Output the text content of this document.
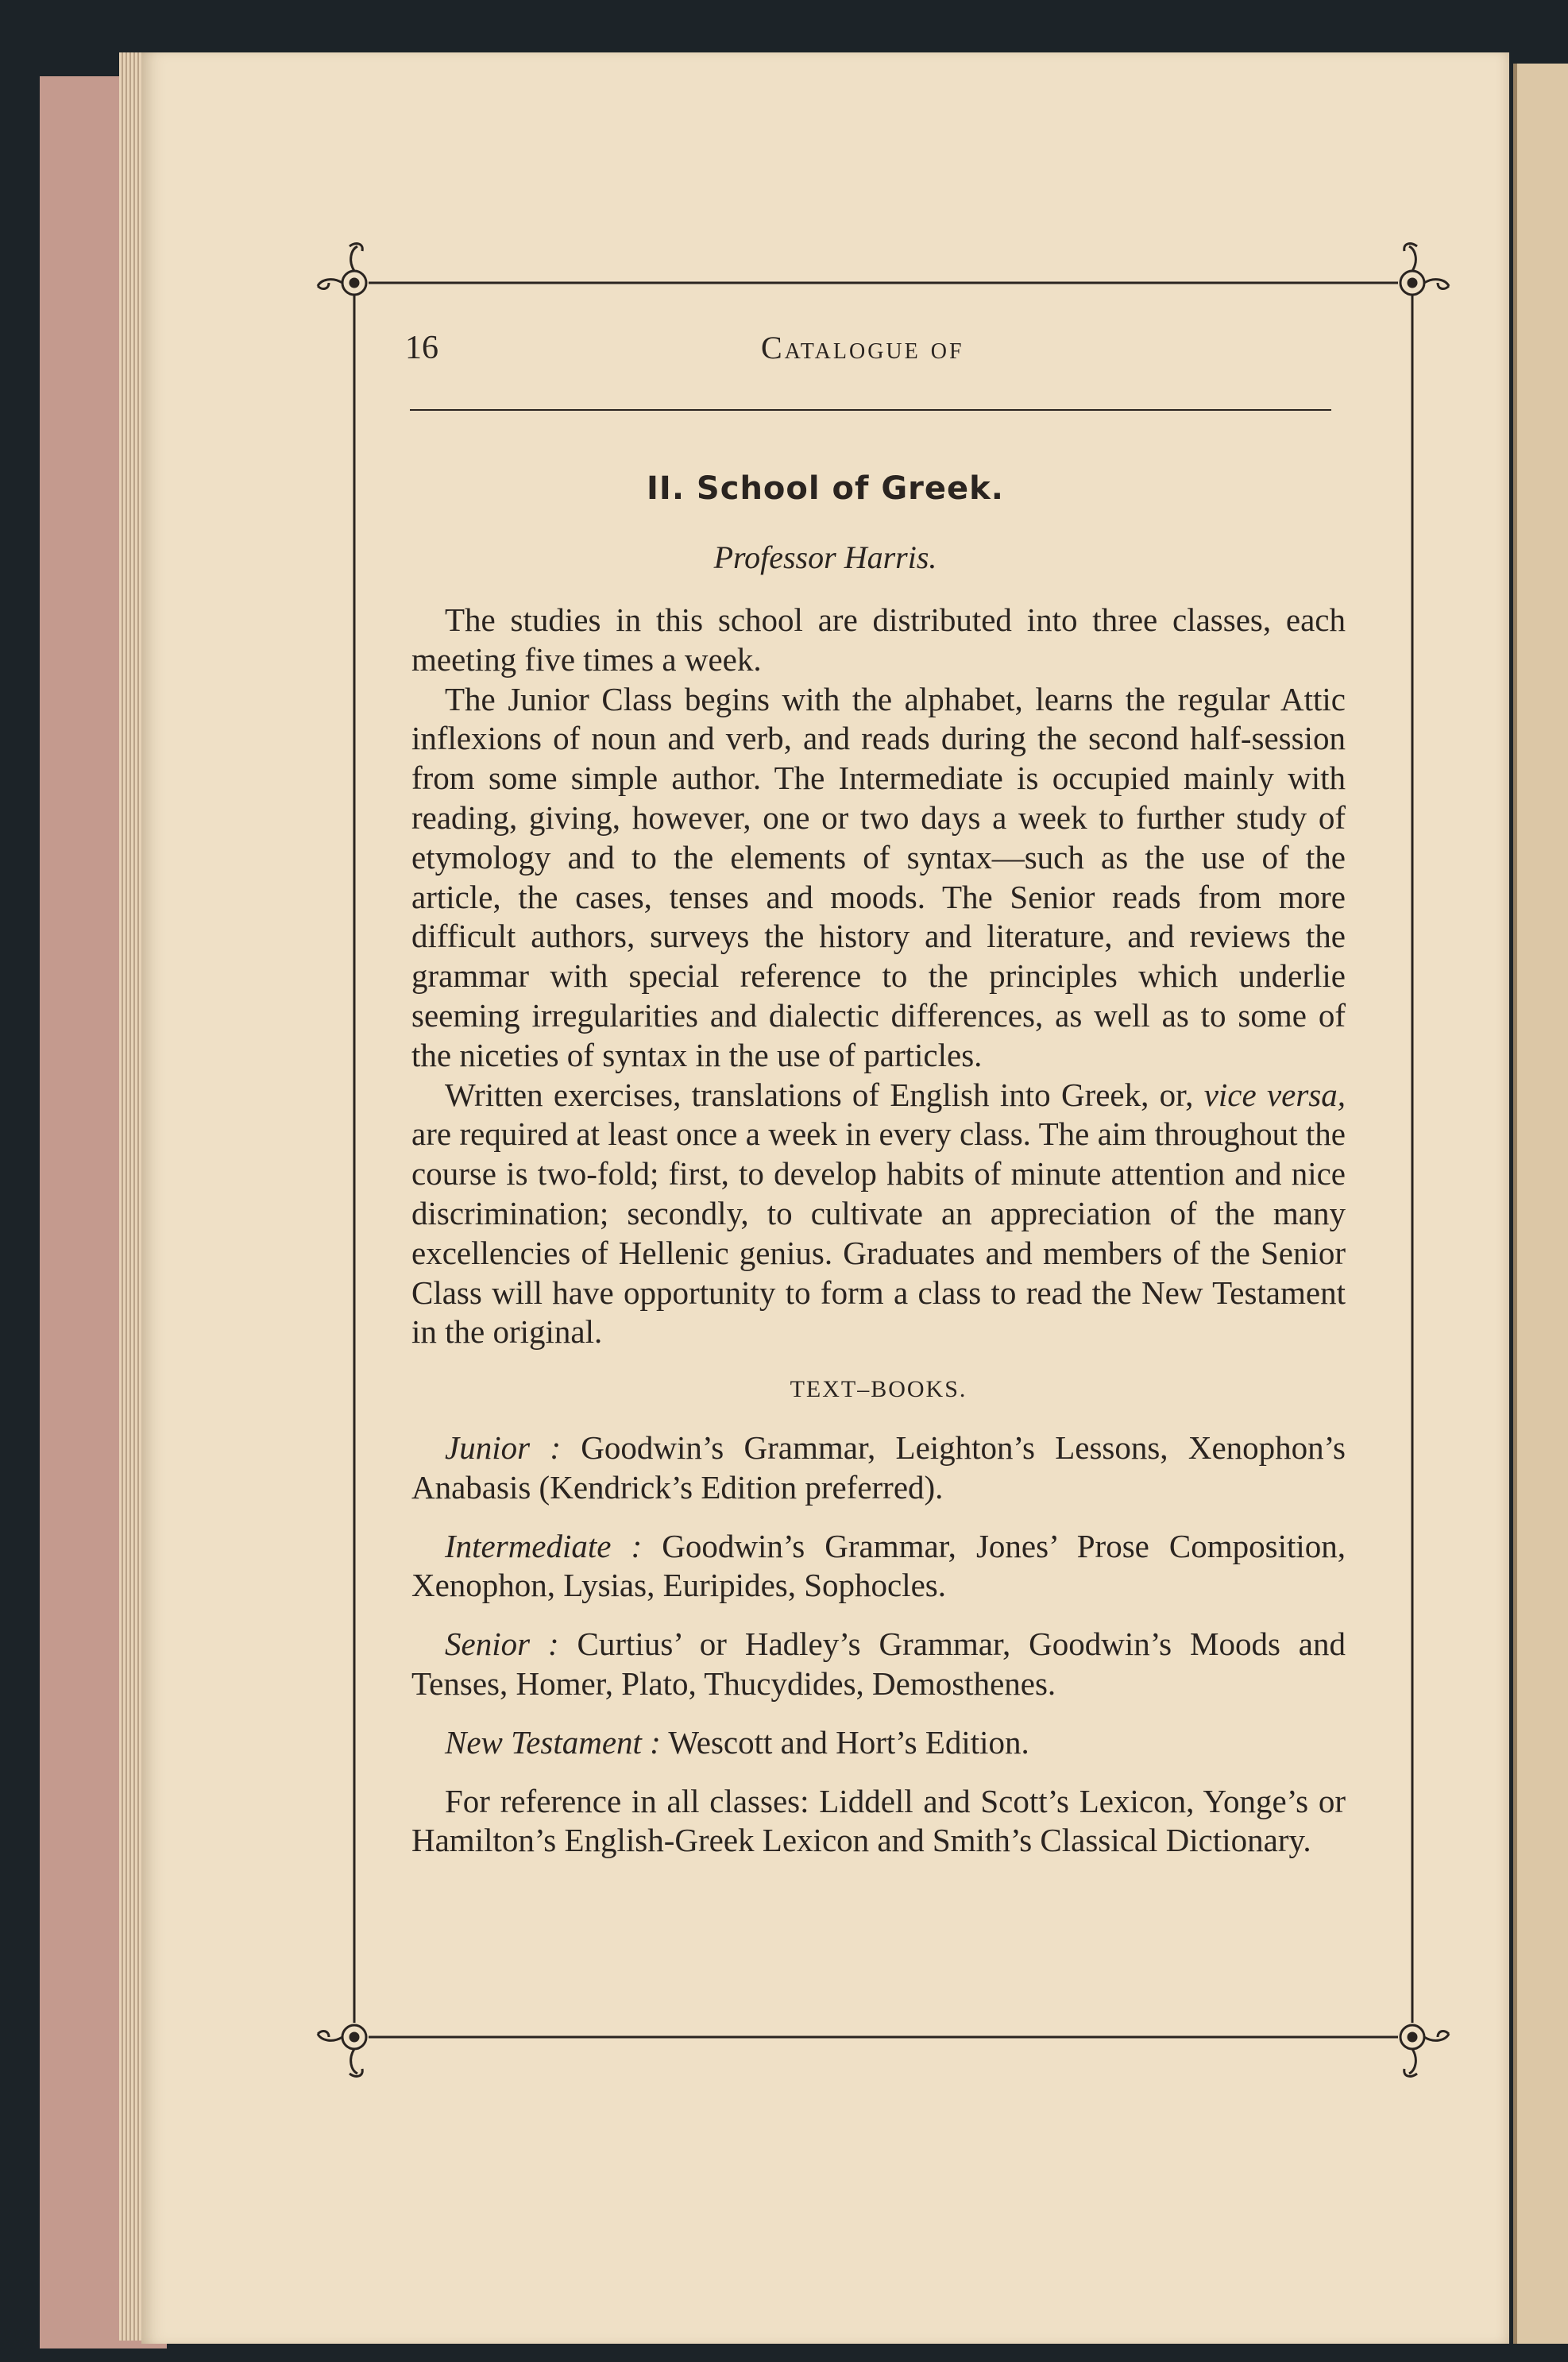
16	Catalogue of
II. School of Greek.
Professor Harris.

The studies in this school are distributed into three classes, each meeting five times a week.

The Junior Class begins with the alphabet, learns the regular Attic inflexions of noun and verb, and reads during the second half-session from some simple author. The Intermediate is occupied mainly with reading, giving, however, one or two days a week to further study of etymology and to the elements of syntax—such as the use of the article, the cases, tenses and moods. The Senior reads from more difficult authors, surveys the history and literature, and reviews the grammar with special reference to the principles which underlie seeming irregularities and dialectic differences, as well as to some of the niceties of syntax in the use of particles.

Written exercises, translations of English into Greek, or, vice versa, are required at least once a week in every class. The aim throughout the course is two-fold; first, to develop habits of minute attention and nice discrimination; secondly, to cultivate an appreciation of the many excellencies of Hellenic genius. Graduates and members of the Senior Class will have opportunity to form a class to read the New Testament in the original.

TEXT–BOOKS.

Junior : Goodwin’s Grammar, Leighton’s Lessons, Xenophon’s Anabasis (Kendrick’s Edition preferred).

Intermediate : Goodwin’s Grammar, Jones’ Prose Composition, Xenophon, Lysias, Euripides, Sophocles.

Senior : Curtius’ or Hadley’s Grammar, Goodwin’s Moods and Tenses, Homer, Plato, Thucydides, Demosthenes.

New Testament : Wescott and Hort’s Edition.

For reference in all classes: Liddell and Scott’s Lexicon, Yonge’s or Hamilton’s English-Greek Lexicon and Smith’s Classical Dictionary.
